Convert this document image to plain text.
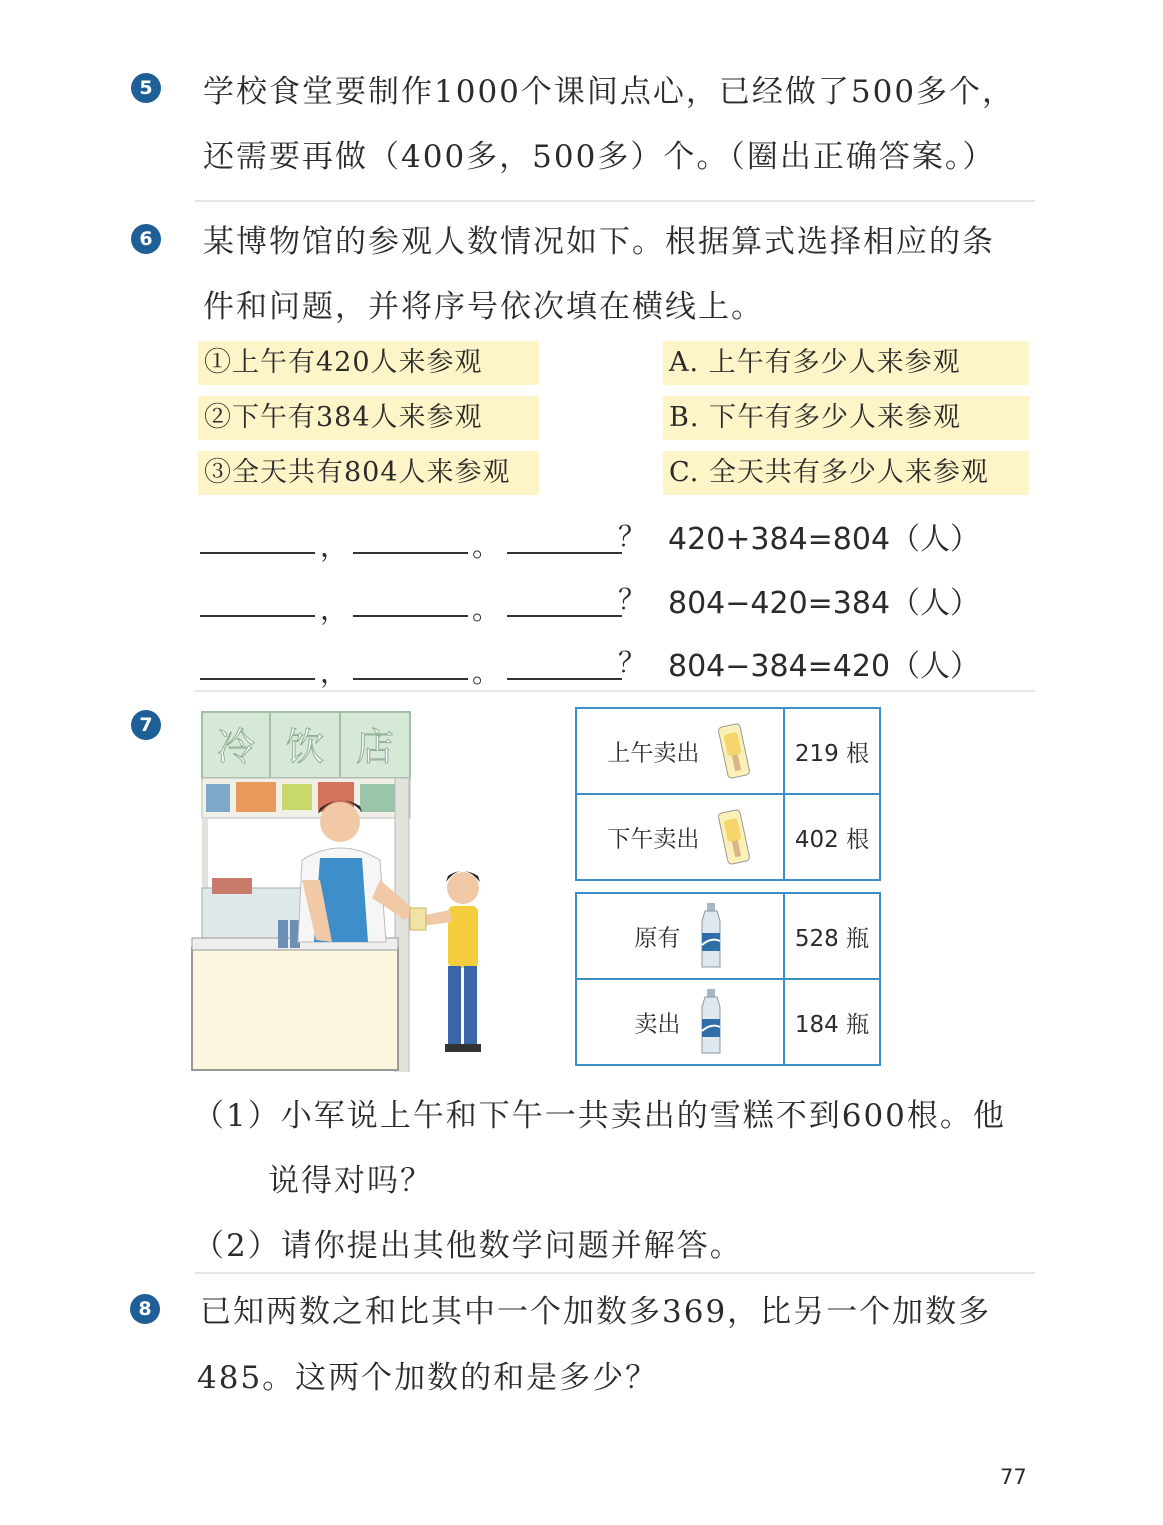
5 学校食堂要制作1000个课间点心，已经做了500多个，
还需要再做（400多，500多）个。（圈出正确答案。）
6 某博物馆的参观人数情况如下。根据算式选择相应的条
件和问题，并将序号依次填在横线上。
①上午有420人来参观
②下午有384人来参观
③全天共有804人来参观
A. 上午有多少人来参观
B. 下午有多少人来参观
C. 全天共有多少人来参观
，	。	？ 420+384=804（人）
，	。	？ 804−420=384（人）
，	。	？ 804−384=420（人）
7 冷 饮 店	上午卖出	219 根
下午卖出	402 根
原有	528 瓶
卖出	184 瓶
（1）小军说上午和下午一共卖出的雪糕不到600根。他
说得对吗？
（2）请你提出其他数学问题并解答。
8 已知两数之和比其中一个加数多369，比另一个加数多
485。这两个加数的和是多少？
77
